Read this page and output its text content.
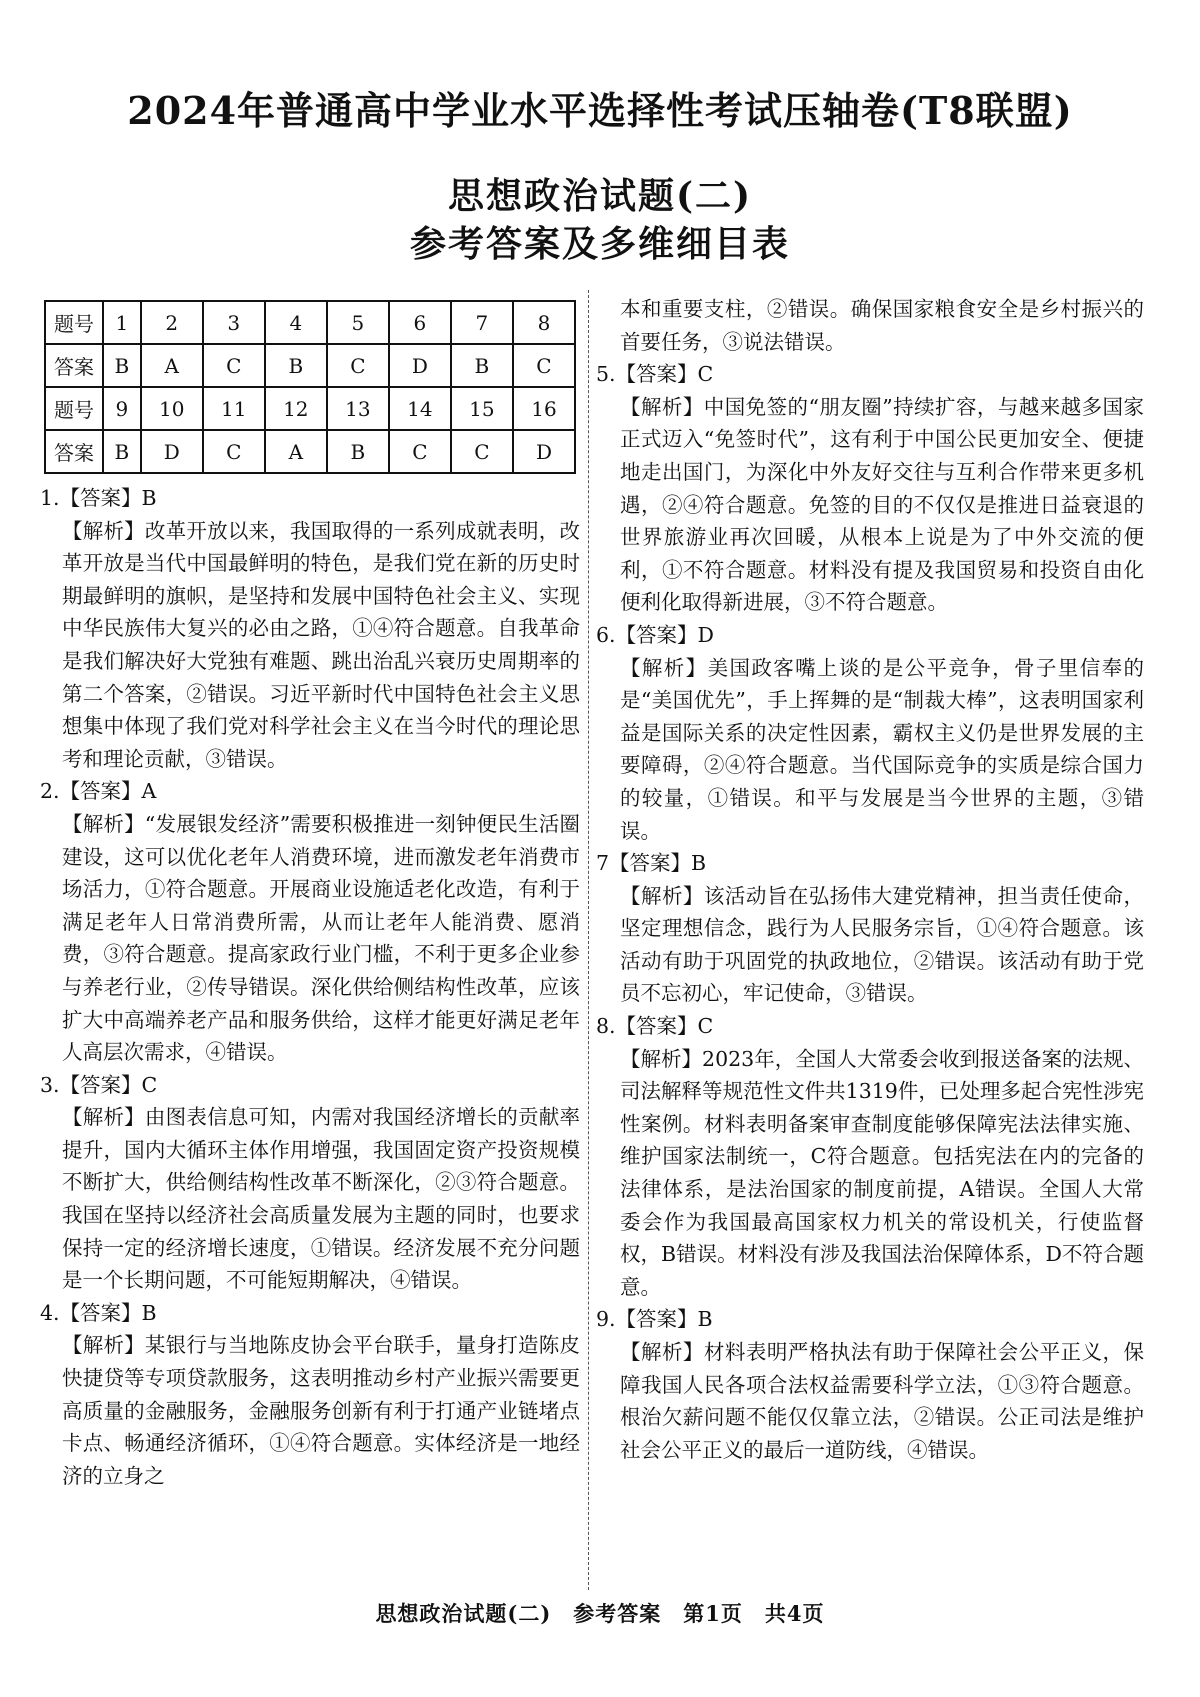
2024年普通高中学业水平选择性考试压轴卷(T8联盟)
思想政治试题(二)
参考答案及多维细目表
题号	1	2	3	4	5	6	7	8
答案	B	A	C	B	C	D	B	C
题号	9	10	11	12	13	14	15	16
答案	B	D	C	A	B	C	C	D
1.【答案】B
【解析】改革开放以来，我国取得的一系列成就表明，改革开放是当代中国最鲜明的特色，是我们党在新的历史时期最鲜明的旗帜，是坚持和发展中国特色社会主义、实现中华民族伟大复兴的必由之路，①④符合题意。自我革命是我们解决好大党独有难题、跳出治乱兴衰历史周期率的第二个答案，②错误。习近平新时代中国特色社会主义思想集中体现了我们党对科学社会主义在当今时代的理论思考和理论贡献，③错误。
2.【答案】A
【解析】“发展银发经济”需要积极推进一刻钟便民生活圈建设，这可以优化老年人消费环境，进而激发老年消费市场活力，①符合题意。开展商业设施适老化改造，有利于满足老年人日常消费所需，从而让老年人能消费、愿消费，③符合题意。提高家政行业门槛，不利于更多企业参与养老行业，②传导错误。深化供给侧结构性改革，应该扩大中高端养老产品和服务供给，这样才能更好满足老年人高层次需求，④错误。
3.【答案】C
【解析】由图表信息可知，内需对我国经济增长的贡献率提升，国内大循环主体作用增强，我国固定资产投资规模不断扩大，供给侧结构性改革不断深化，②③符合题意。我国在坚持以经济社会高质量发展为主题的同时，也要求保持一定的经济增长速度，①错误。经济发展不充分问题是一个长期问题，不可能短期解决，④错误。
4.【答案】B
【解析】某银行与当地陈皮协会平台联手，量身打造陈皮快捷贷等专项贷款服务，这表明推动乡村产业振兴需要更高质量的金融服务，金融服务创新有利于打通产业链堵点卡点、畅通经济循环，①④符合题意。实体经济是一地经济的立身之
本和重要支柱，②错误。确保国家粮食安全是乡村振兴的首要任务，③说法错误。
5.【答案】C
【解析】中国免签的“朋友圈”持续扩容，与越来越多国家正式迈入“免签时代”，这有利于中国公民更加安全、便捷地走出国门，为深化中外友好交往与互利合作带来更多机遇，②④符合题意。免签的目的不仅仅是推进日益衰退的世界旅游业再次回暖，从根本上说是为了中外交流的便利，①不符合题意。材料没有提及我国贸易和投资自由化便利化取得新进展，③不符合题意。
6.【答案】D
【解析】美国政客嘴上谈的是公平竞争，骨子里信奉的是“美国优先”，手上挥舞的是“制裁大棒”，这表明国家利益是国际关系的决定性因素，霸权主义仍是世界发展的主要障碍，②④符合题意。当代国际竞争的实质是综合国力的较量，①错误。和平与发展是当今世界的主题，③错误。
7【答案】B
【解析】该活动旨在弘扬伟大建党精神，担当责任使命，坚定理想信念，践行为人民服务宗旨，①④符合题意。该活动有助于巩固党的执政地位，②错误。该活动有助于党员不忘初心，牢记使命，③错误。
8.【答案】C
【解析】2023年，全国人大常委会收到报送备案的法规、司法解释等规范性文件共1319件，已处理多起合宪性涉宪性案例。材料表明备案审查制度能够保障宪法法律实施、维护国家法制统一，C符合题意。包括宪法在内的完备的法律体系，是法治国家的制度前提，A错误。全国人大常委会作为我国最高国家权力机关的常设机关，行使监督权，B错误。材料没有涉及我国法治保障体系，D不符合题意。
9.【答案】B
【解析】材料表明严格执法有助于保障社会公平正义，保障我国人民各项合法权益需要科学立法，①③符合题意。根治欠薪问题不能仅仅靠立法，②错误。公正司法是维护社会公平正义的最后一道防线，④错误。
思想政治试题(二)　参考答案　第1页　共4页
